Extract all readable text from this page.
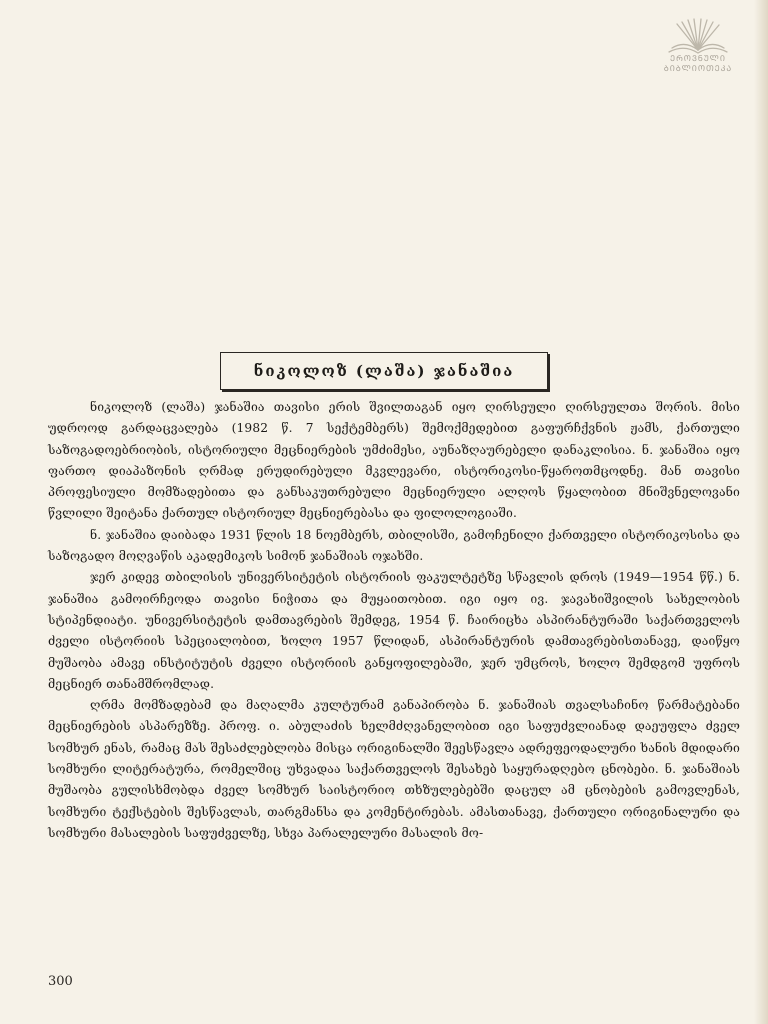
ᲔᲠᲝᲕᲜᲣᲚᲘ
ᲑᲘᲑᲚᲘᲝᲗᲔᲙᲐ
ნიკოლოზ (ლაშა) ჯანაშია

ნიკოლოზ (ლაშა) ჯანაშია თავისი ერის შვილთაგან იყო ღირსეული ღირსეულთა შორის. მისი უდროოდ გარდაცვალება (1982 წ. 7 სექტემბერს) შემოქმედებით გაფურჩქვნის ჟამს, ქართული საზოგადოებრიობის, ისტორიული მეცნიერების უმძიმესი, აუნაზღაურებელი დანაკლისია. ნ. ჯანაშია იყო ფართო დიაპაზონის ღრმად ერუდირებული მკვლევარი, ისტორიკოსი-წყაროთმცოდნე. მან თავისი პროფესიული მომზადებითა და განსაკუთრებული მეცნიერული ალღოს წყალობით მნიშვნელოვანი წვლილი შეიტანა ქართულ ისტორიულ მეცნიერებასა და ფილოლოგიაში.

ნ. ჯანაშია დაიბადა 1931 წლის 18 ნოემბერს, თბილისში, გამოჩენილი ქართველი ისტორიკოსისა და საზოგადო მოღვაწის აკადემიკოს სიმონ ჯანაშიას ოჯახში.

ჯერ კიდევ თბილისის უნივერსიტეტის ისტორიის ფაკულტეტზე სწავლის დროს (1949—1954 წწ.) ნ. ჯანაშია გამოირჩეოდა თავისი ნიჭითა და მუყაითობით. იგი იყო ივ. ჯავახიშვილის სახელობის სტიპენდიატი. უნივერსიტეტის დამთავრების შემდეგ, 1954 წ. ჩაირიცხა ასპირანტურაში საქართველოს ძველი ისტორიის სპეციალობით, ხოლო 1957 წლიდან, ასპირანტურის დამთავრებისთანავე, დაიწყო მუშაობა ამავე ინსტიტუტის ძველი ისტორიის განყოფილებაში, ჯერ უმცროს, ხოლო შემდგომ უფროს მეცნიერ თანამშრომლად.

ღრმა მომზადებამ და მაღალმა კულტურამ განაპირობა ნ. ჯანაშიას თვალსაჩინო წარმატებანი მეცნიერების ასპარეზზე. პროფ. ი. აბულაძის ხელმძღვანელობით იგი საფუძვლიანად დაეუფლა ძველ სომხურ ენას, რამაც მას შესაძლებლობა მისცა ორიგინალში შეესწავლა ადრეფეოდალური ხანის მდიდარი სომხური ლიტერატურა, რომელშიც უხვადაა საქართველოს შესახებ საყურადღებო ცნობები. ნ. ჯანაშიას მუშაობა გულისხმობდა ძველ სომხურ საისტორიო თხზულებებში დაცულ ამ ცნობების გამოვლენას, სომხური ტექსტების შესწავლას, თარგმანსა და კომენტირებას. ამასთანავე, ქართული ორიგინალური და სომხური მასალების საფუძველზე, სხვა პარალელური მასალის მო-

300
